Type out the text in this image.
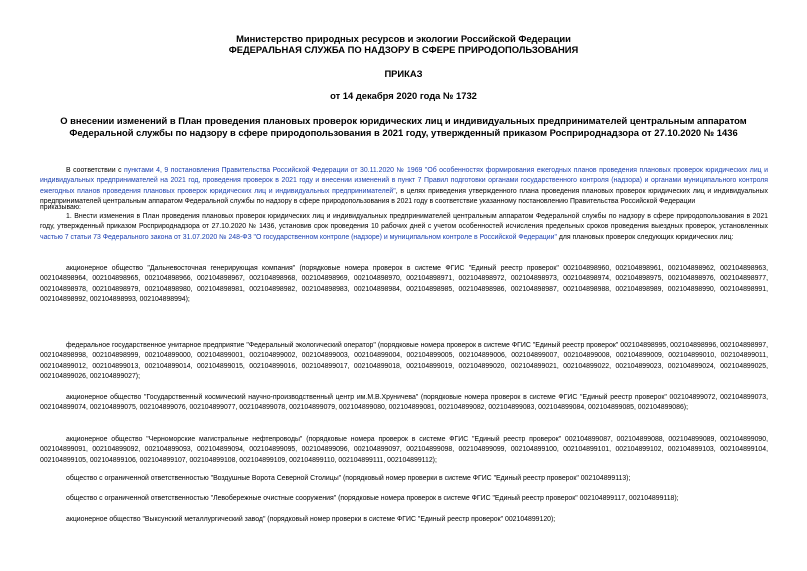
Министерство природных ресурсов и экологии Российской Федерации
ФЕДЕРАЛЬНАЯ СЛУЖБА ПО НАДЗОРУ В СФЕРЕ ПРИРОДОПОЛЬЗОВАНИЯ
ПРИКАЗ
от 14 декабря 2020 года № 1732
О внесении изменений в План проведения плановых проверок юридических лиц и индивидуальных предпринимателей центральным аппаратом Федеральной службы по надзору в сфере природопользования в 2021 году, утвержденный приказом Росприроднадзора от 27.10.2020 № 1436
В соответствии с пунктами 4, 9 постановления Правительства Российской Федерации от 30.11.2020 № 1969 "Об особенностях формирования ежегодных планов проведения плановых проверок юридических лиц и индивидуальных предпринимателей на 2021 год, проведения проверок в 2021 году и внесении изменений в пункт 7 Правил подготовки органами государственного контроля (надзора) и органами муниципального контроля ежегодных планов проведения плановых проверок юридических лиц и индивидуальных предпринимателей", в целях приведения утвержденного плана проведения плановых проверок юридических лиц и индивидуальных предпринимателей центральным аппаратом Федеральной службы по надзору в сфере природопользования в 2021 году в соответствие указанному постановлению Правительства Российской Федерации
приказываю:
1. Внести изменения в План проведения плановых проверок юридических лиц и индивидуальных предпринимателей центральным аппаратом Федеральной службы по надзору в сфере природопользования в 2021 году, утвержденный приказом Росприроднадзора от 27.10.2020 № 1436, установив срок проведения 10 рабочих дней с учетом особенностей исчисления предельных сроков проведения выездных проверок, установленных частью 7 статьи 73 Федерального закона от 31.07.2020 № 248-ФЗ "О государственном контроле (надзоре) и муниципальном контроле в Российской Федерации" для плановых проверок следующих юридических лиц:
акционерное общество "Дальневосточная генерирующая компания" (порядковые номера проверок в системе ФГИС "Единый реестр проверок" 002104898960, 002104898961, 002104898962, 002104898963, 002104898964, 002104898965, 002104898966, 002104898967, 002104898968, 002104898969, 002104898970, 002104898971, 002104898972, 002104898973, 002104898974, 002104898975, 002104898976, 002104898977, 002104898978, 002104898979, 002104898980, 002104898981, 002104898982, 002104898983, 002104898984, 002104898985, 002104898986, 002104898987, 002104898988, 002104898989, 002104898990, 002104898991, 002104898992, 002104898993, 002104898994);
федеральное государственное унитарное предприятие "Федеральный экологический оператор" (порядковые номера проверок в системе ФГИС "Единый реестр проверок" 002104898995, 002104898996, 002104898997, 002104898998, 002104898999, 002104899000, 002104899001, 002104899002, 002104899003, 002104899004, 002104899005, 002104899006, 002104899007, 002104899008, 002104899009, 002104899010, 002104899011, 002104899012, 002104899013, 002104899014, 002104899015, 002104899016, 002104899017, 002104899018, 002104899019, 002104899020, 002104899021, 002104899022, 002104899023, 002104899024, 002104899025, 002104899026, 002104899027);
акционерное общество "Государственный космический научно-производственный центр им.М.В.Хруничева" (порядковые номера проверок в системе ФГИС "Единый реестр проверок" 002104899072, 002104899073, 002104899074, 002104899075, 002104899076, 002104899077, 002104899078, 002104899079, 002104899080, 002104899081, 002104899082, 002104899083, 002104899084, 002104899085, 002104899086);
акционерное общество "Черноморские магистральные нефтепроводы" (порядковые номера проверок в системе ФГИС "Единый реестр проверок" 002104899087, 002104899088, 002104899089, 002104899090, 002104899091, 002104899092, 002104899093, 002104899094, 002104899095, 002104899096, 002104899097, 002104899098, 002104899099, 002104899100, 002104899101, 002104899102, 002104899103, 002104899104, 002104899105, 002104899106, 002104899107, 002104899108, 002104899109, 002104899110, 002104899111, 002104899112);
общество с ограниченной ответственностью "Воздушные Ворота Северной Столицы" (порядковый номер проверки в системе ФГИС "Единый реестр проверок" 002104899113);
общество с ограниченной ответственностью "Левобережные очистные сооружения" (порядковые номера проверок в системе ФГИС "Единый реестр проверок" 002104899117, 002104899118);
акционерное общество "Выксунский металлургический завод" (порядковый номер проверки в системе ФГИС "Единый реестр проверок" 002104899120);
